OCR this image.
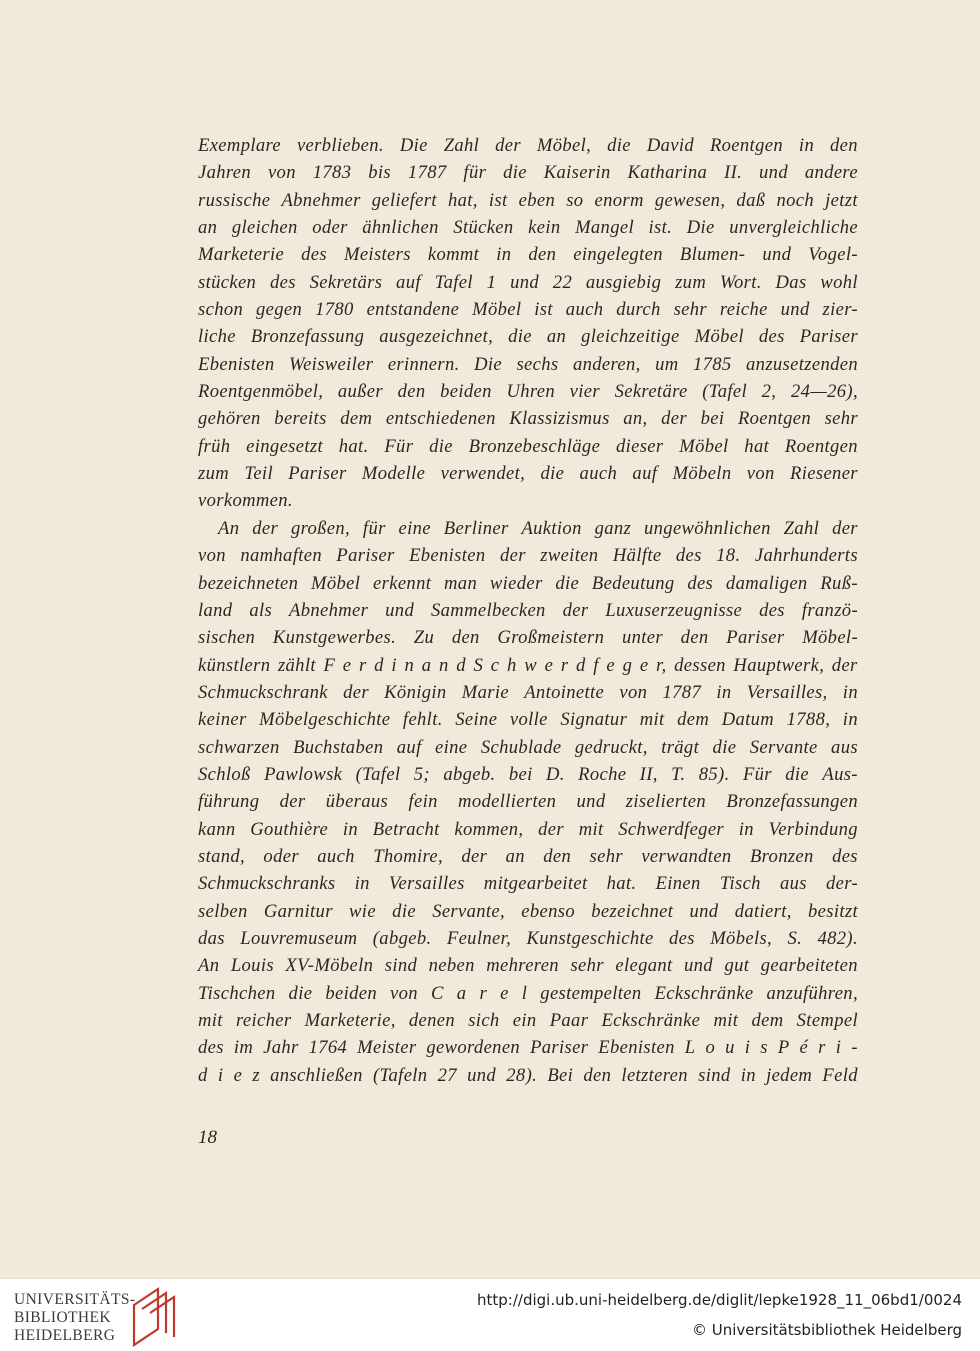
Exemplare verblieben. Die Zahl der Möbel, die David Roentgen in den
Jahren von 1783 bis 1787 für die Kaiserin Katharina II. und andere
russische Abnehmer geliefert hat, ist eben so enorm gewesen, daß noch jetzt
an gleichen oder ähnlichen Stücken kein Mangel ist. Die unvergleichliche
Marketerie des Meisters kommt in den eingelegten Blumen- und Vogel-
stücken des Sekretärs auf Tafel 1 und 22 ausgiebig zum Wort. Das wohl
schon gegen 1780 entstandene Möbel ist auch durch sehr reiche und zier-
liche Bronzefassung ausgezeichnet, die an gleichzeitige Möbel des Pariser
Ebenisten Weisweiler erinnern. Die sechs anderen, um 1785 anzusetzenden
Roentgenmöbel, außer den beiden Uhren vier Sekretäre (Tafel 2, 24—26),
gehören bereits dem entschiedenen Klassizismus an, der bei Roentgen sehr
früh eingesetzt hat. Für die Bronzebeschläge dieser Möbel hat Roentgen
zum Teil Pariser Modelle verwendet, die auch auf Möbeln von Riesener
vorkommen.
An der großen, für eine Berliner Auktion ganz ungewöhnlichen Zahl der
von namhaften Pariser Ebenisten der zweiten Hälfte des 18. Jahrhunderts
bezeichneten Möbel erkennt man wieder die Bedeutung des damaligen Ruß-
land als Abnehmer und Sammelbecken der Luxuserzeugnisse des franzö-
sischen Kunstgewerbes. Zu den Großmeistern unter den Pariser Möbel-
künstlern zählt F e r d i n a n d S c h w e r d f e g e r, dessen Hauptwerk, der
Schmuckschrank der Königin Marie Antoinette von 1787 in Versailles, in
keiner Möbelgeschichte fehlt. Seine volle Signatur mit dem Datum 1788, in
schwarzen Buchstaben auf eine Schublade gedruckt, trägt die Servante aus
Schloß Pawlowsk (Tafel 5; abgeb. bei D. Roche II, T. 85). Für die Aus-
führung der überaus fein modellierten und ziselierten Bronzefassungen
kann Gouthière in Betracht kommen, der mit Schwerdfeger in Verbindung
stand, oder auch Thomire, der an den sehr verwandten Bronzen des
Schmuckschranks in Versailles mitgearbeitet hat. Einen Tisch aus der-
selben Garnitur wie die Servante, ebenso bezeichnet und datiert, besitzt
das Louvremuseum (abgeb. Feulner, Kunstgeschichte des Möbels, S. 482).
An Louis XV-Möbeln sind neben mehreren sehr elegant und gut gearbeiteten
Tischchen die beiden von C a r e l gestempelten Eckschränke anzuführen,
mit reicher Marketerie, denen sich ein Paar Eckschränke mit dem Stempel
des im Jahr 1764 Meister gewordenen Pariser Ebenisten L o u i s P é r i -
d i e z anschließen (Tafeln 27 und 28). Bei den letzteren sind in jedem Feld
18
UNIVERSITÄTS-
BIBLIOTHEK
HEIDELBERG
http://digi.ub.uni-heidelberg.de/diglit/lepke1928_11_06bd1/0024
© Universitätsbibliothek Heidelberg
